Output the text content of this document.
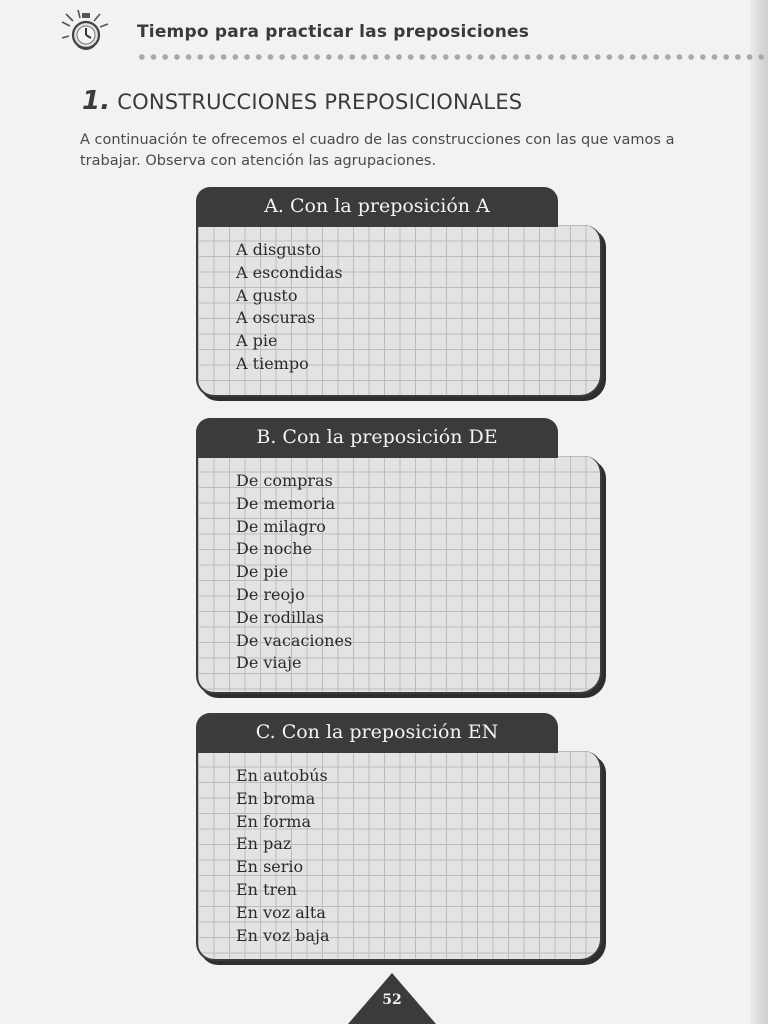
Tiempo para practicar las preposiciones
1. CONSTRUCCIONES PREPOSICIONALES
A continuación te ofrecemos el cuadro de las construcciones con las que vamos a trabajar. Observa con atención las agrupaciones.
A disgusto
A escondidas
A gusto
A oscuras
A pie
A tiempo
A. Con la preposición A
De compras
De memoria
De milagro
De noche
De pie
De reojo
De rodillas
De vacaciones
De viaje
B. Con la preposición DE
En autobús
En broma
En forma
En paz
En serio
En tren
En voz alta
En voz baja
C. Con la preposición EN
52
